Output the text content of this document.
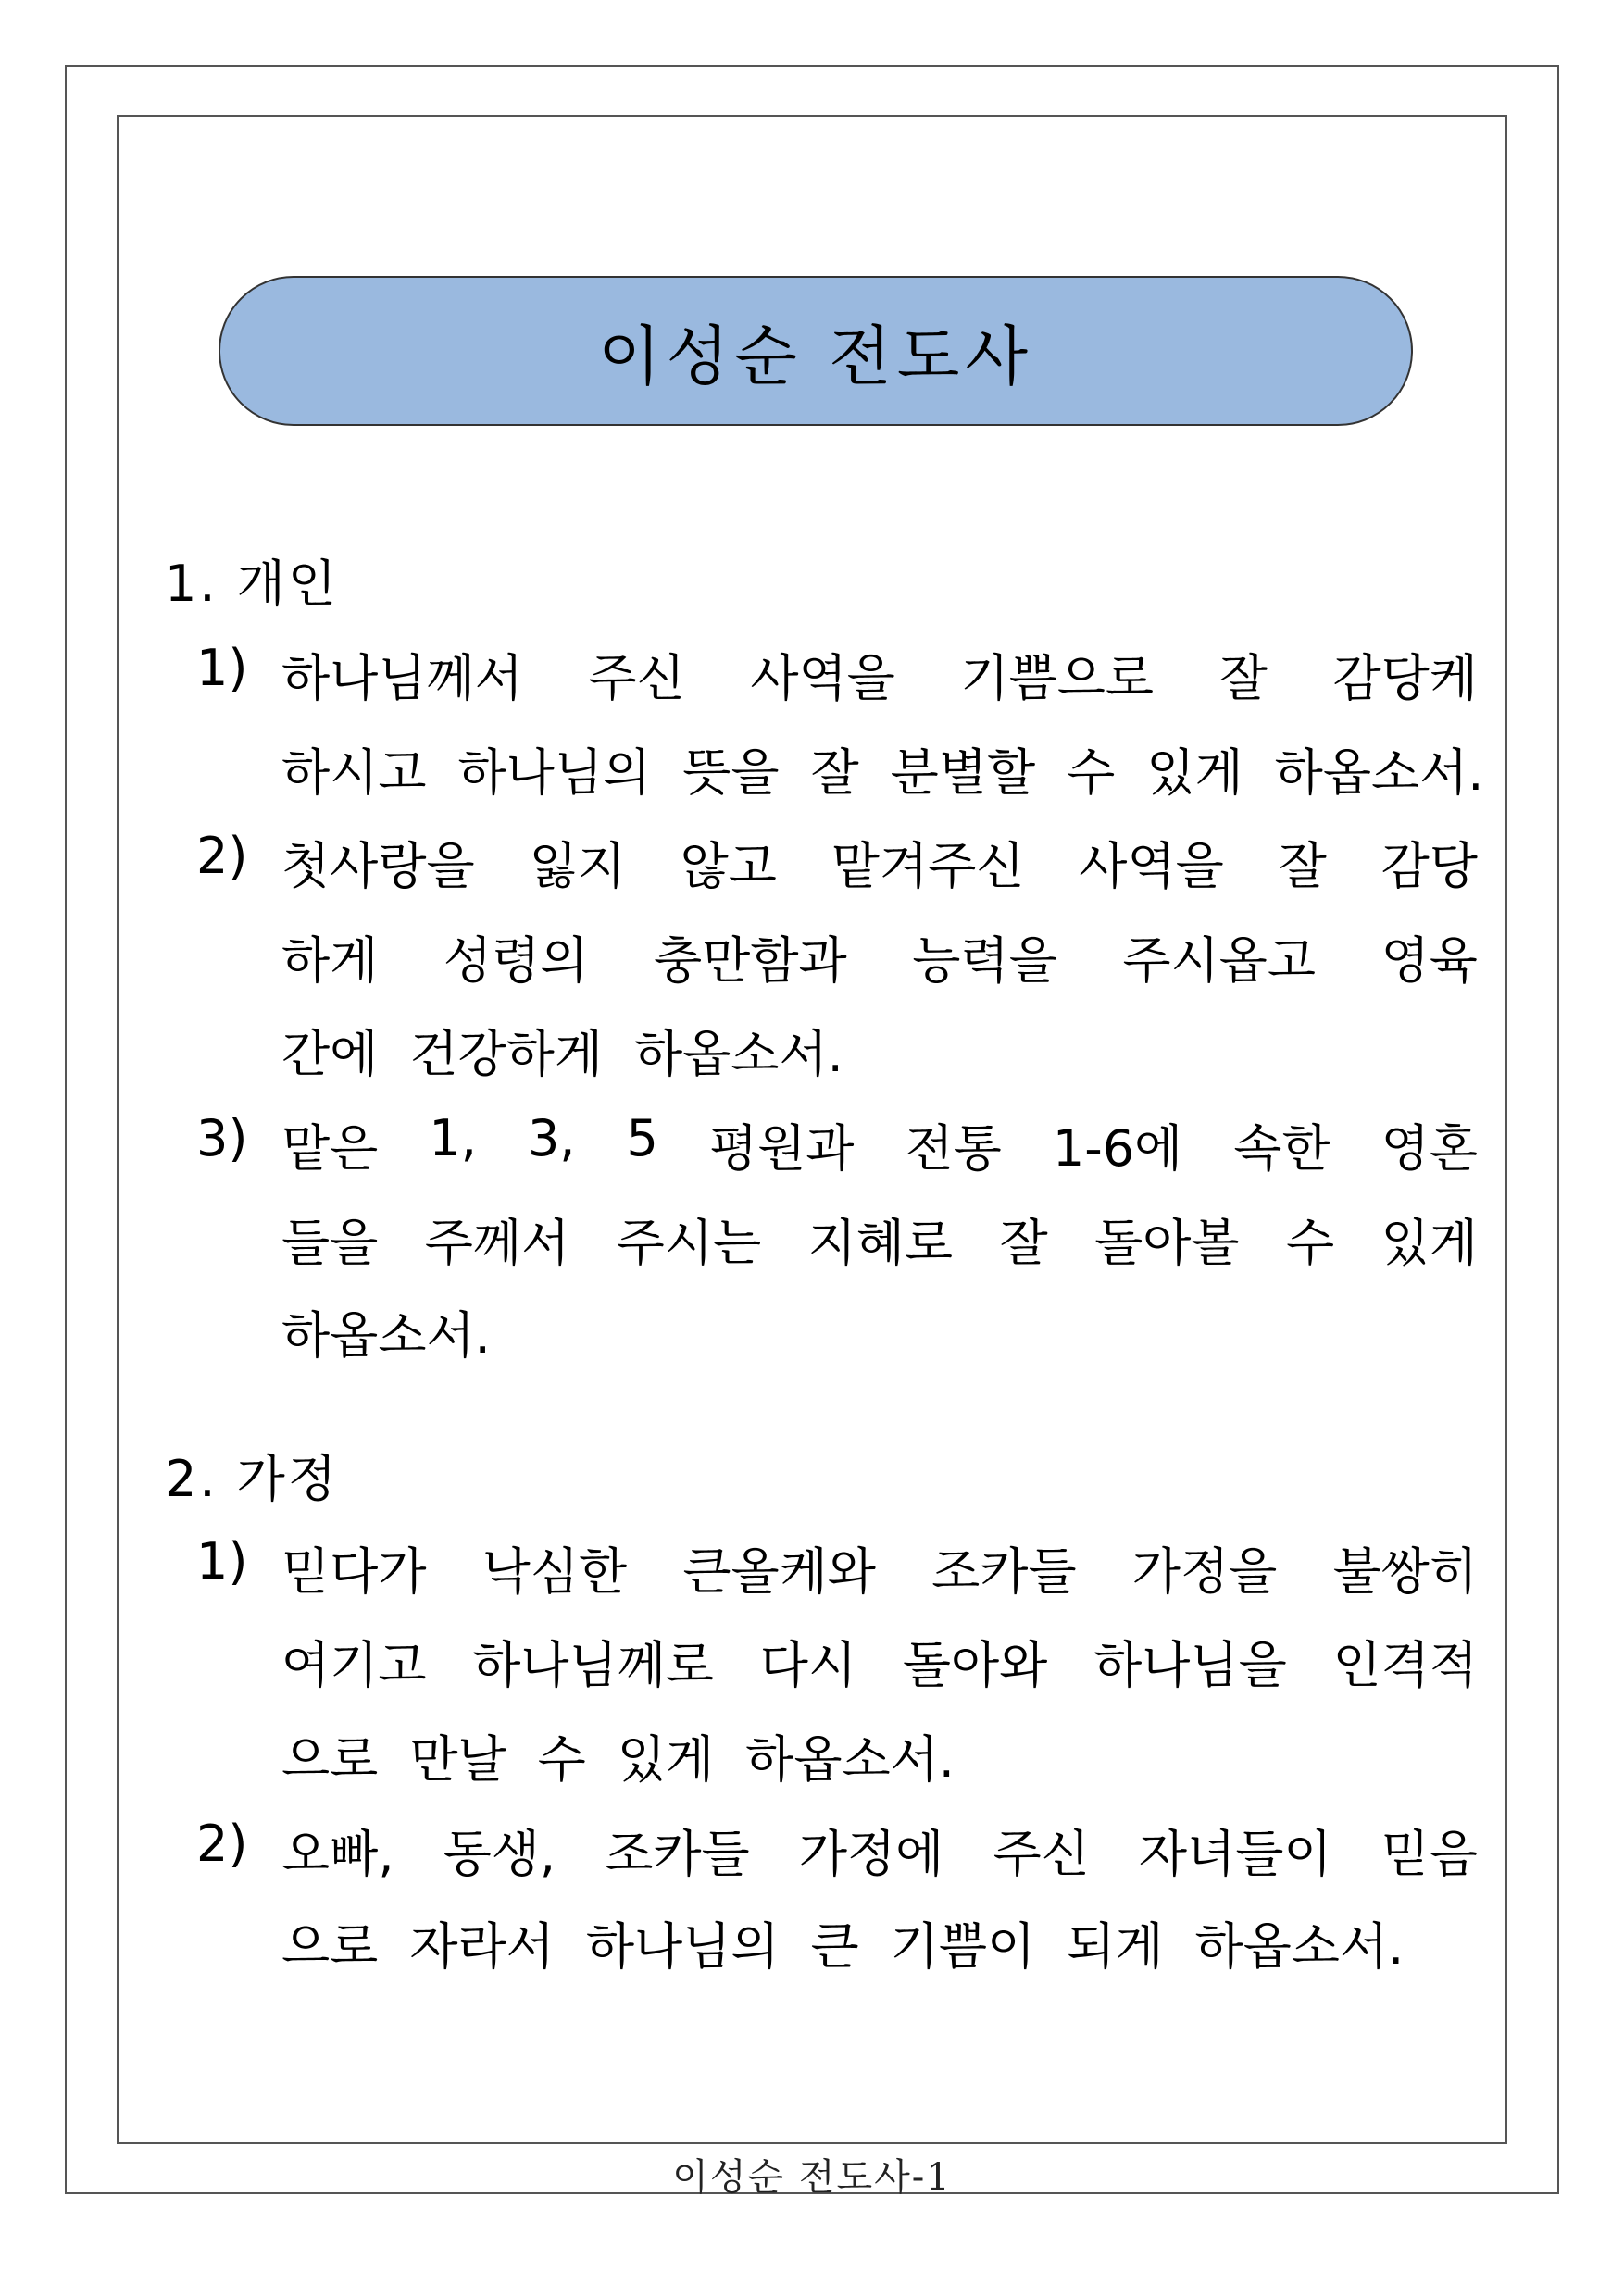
이성순 전도사
1. 개인
1) 하나님께서 주신 사역을 기쁨으로 잘 감당케
하시고 하나님의 뜻을 잘 분별할 수 있게 하옵소서.
2) 첫사랑을 잃지 않고 맡겨주신 사역을 잘 감당
하게 성령의 충만함과 능력을 주시옵고 영육
간에 건강하게 하옵소서.
3) 맡은 1, 3, 5 평원과 전통 1-6에 속한 영혼
들을 주께서 주시는 지혜로 잘 돌아볼 수 있게
하옵소서.
2. 가정
1) 믿다가 낙심한 큰올케와 조카들 가정을 불쌍히
여기고 하나님께로 다시 돌아와 하나님을 인격적
으로 만날 수 있게 하옵소서.
2) 오빠, 동생, 조카들 가정에 주신 자녀들이 믿음
으로 자라서 하나님의 큰 기쁨이 되게 하옵소서.
이성순 전도사-1
